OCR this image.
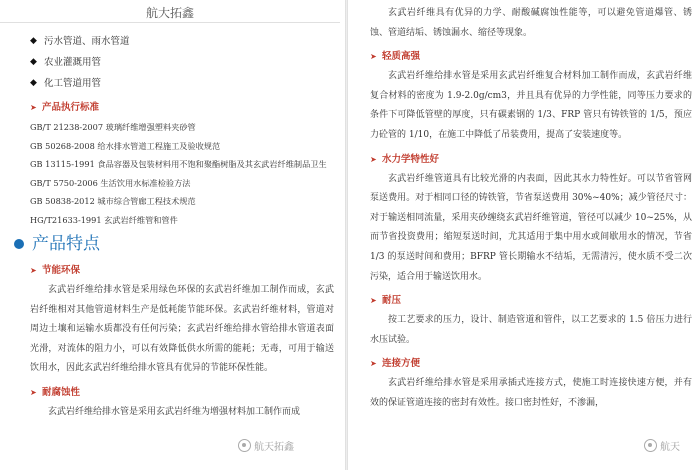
航大拓鑫
◆ 污水管道、雨水管道
◆ 农业灌溉用管
◆ 化工管道用管
➤ 产品执行标准
GB/T 21238-2007 玻璃纤维增强塑料夹砂管
GB 50268-2008 给水排水管道工程施工及验收规范
GB 13115-1991 食品容器及包装材料用不饱和聚酯树脂及其玄武岩纤维制品卫生
GB/T 5750-2006 生活饮用水标准检验方法
GB 50838-2012 城市综合管廊工程技术规范
HG/T21633-1991 玄武岩纤维管和管件
产品特点
➤ 节能环保
玄武岩纤维给排水管是采用绿色环保的玄武岩纤维加工制作而成，玄武岩纤维相对其他管道材料生产是低耗能节能环保。玄武岩纤维材料，管道对周边土壤和运输水质都没有任何污染；玄武岩纤维给排水管给排水管道表面光滑，对流体的阻力小，可以有效降低供水所需的能耗；无毒，可用于输送饮用水，因此玄武岩纤维给排水管具有优异的节能环保性能。
➤ 耐腐蚀性
玄武岩纤维给排水管是采用玄武岩纤维为增强材料加工制作而成
航天拓鑫
玄武岩纤维具有优异的力学、耐酸碱腐蚀性能等，可以避免管道爆管、锈蚀、管道结垢、锈蚀漏水、缩径等现象。
➤ 轻质高强
玄武岩纤维给排水管是采用玄武岩纤维复合材料加工制作而成，玄武岩纤维复合材料的密度为 1.9-2.0g/cm3，并且具有优异的力学性能，同等压力要求的条件下可降低管壁的厚度，只有碳素钢的 1/3、FRP 管只有铸铁管的 1/5，预应力砼管的 1/10，在施工中降低了吊装费用，提高了安装速度等。
➤ 水力学特性好
玄武岩纤维管道具有比较光滑的内表面，因此其水力特性好。可以节省管网泵送费用。对于相同口径的铸铁管，节省泵送费用 30%~40%；减少管径尺寸：对于输送相同流量，采用夹砂缠绕玄武岩纤维管道，管径可以减少 10~25%，从而节省投资费用；缩短泵送时间，尤其适用于集中用水或间歇用水的情况，节省 1/3 的泵送时间和费用；BFRP 管长期输水不结垢，无需清污，使水质不受二次污染，适合用于输送饮用水。
➤ 耐压
按工艺要求的压力，设计、制造管道和管件，以工艺要求的 1.5 倍压力进行水压试验。
➤ 连接方便
玄武岩纤维给排水管是采用承插式连接方式，使施工时连接快速方便，并有效的保证管道连接的密封有效性。接口密封性好，不渗漏，
航天
